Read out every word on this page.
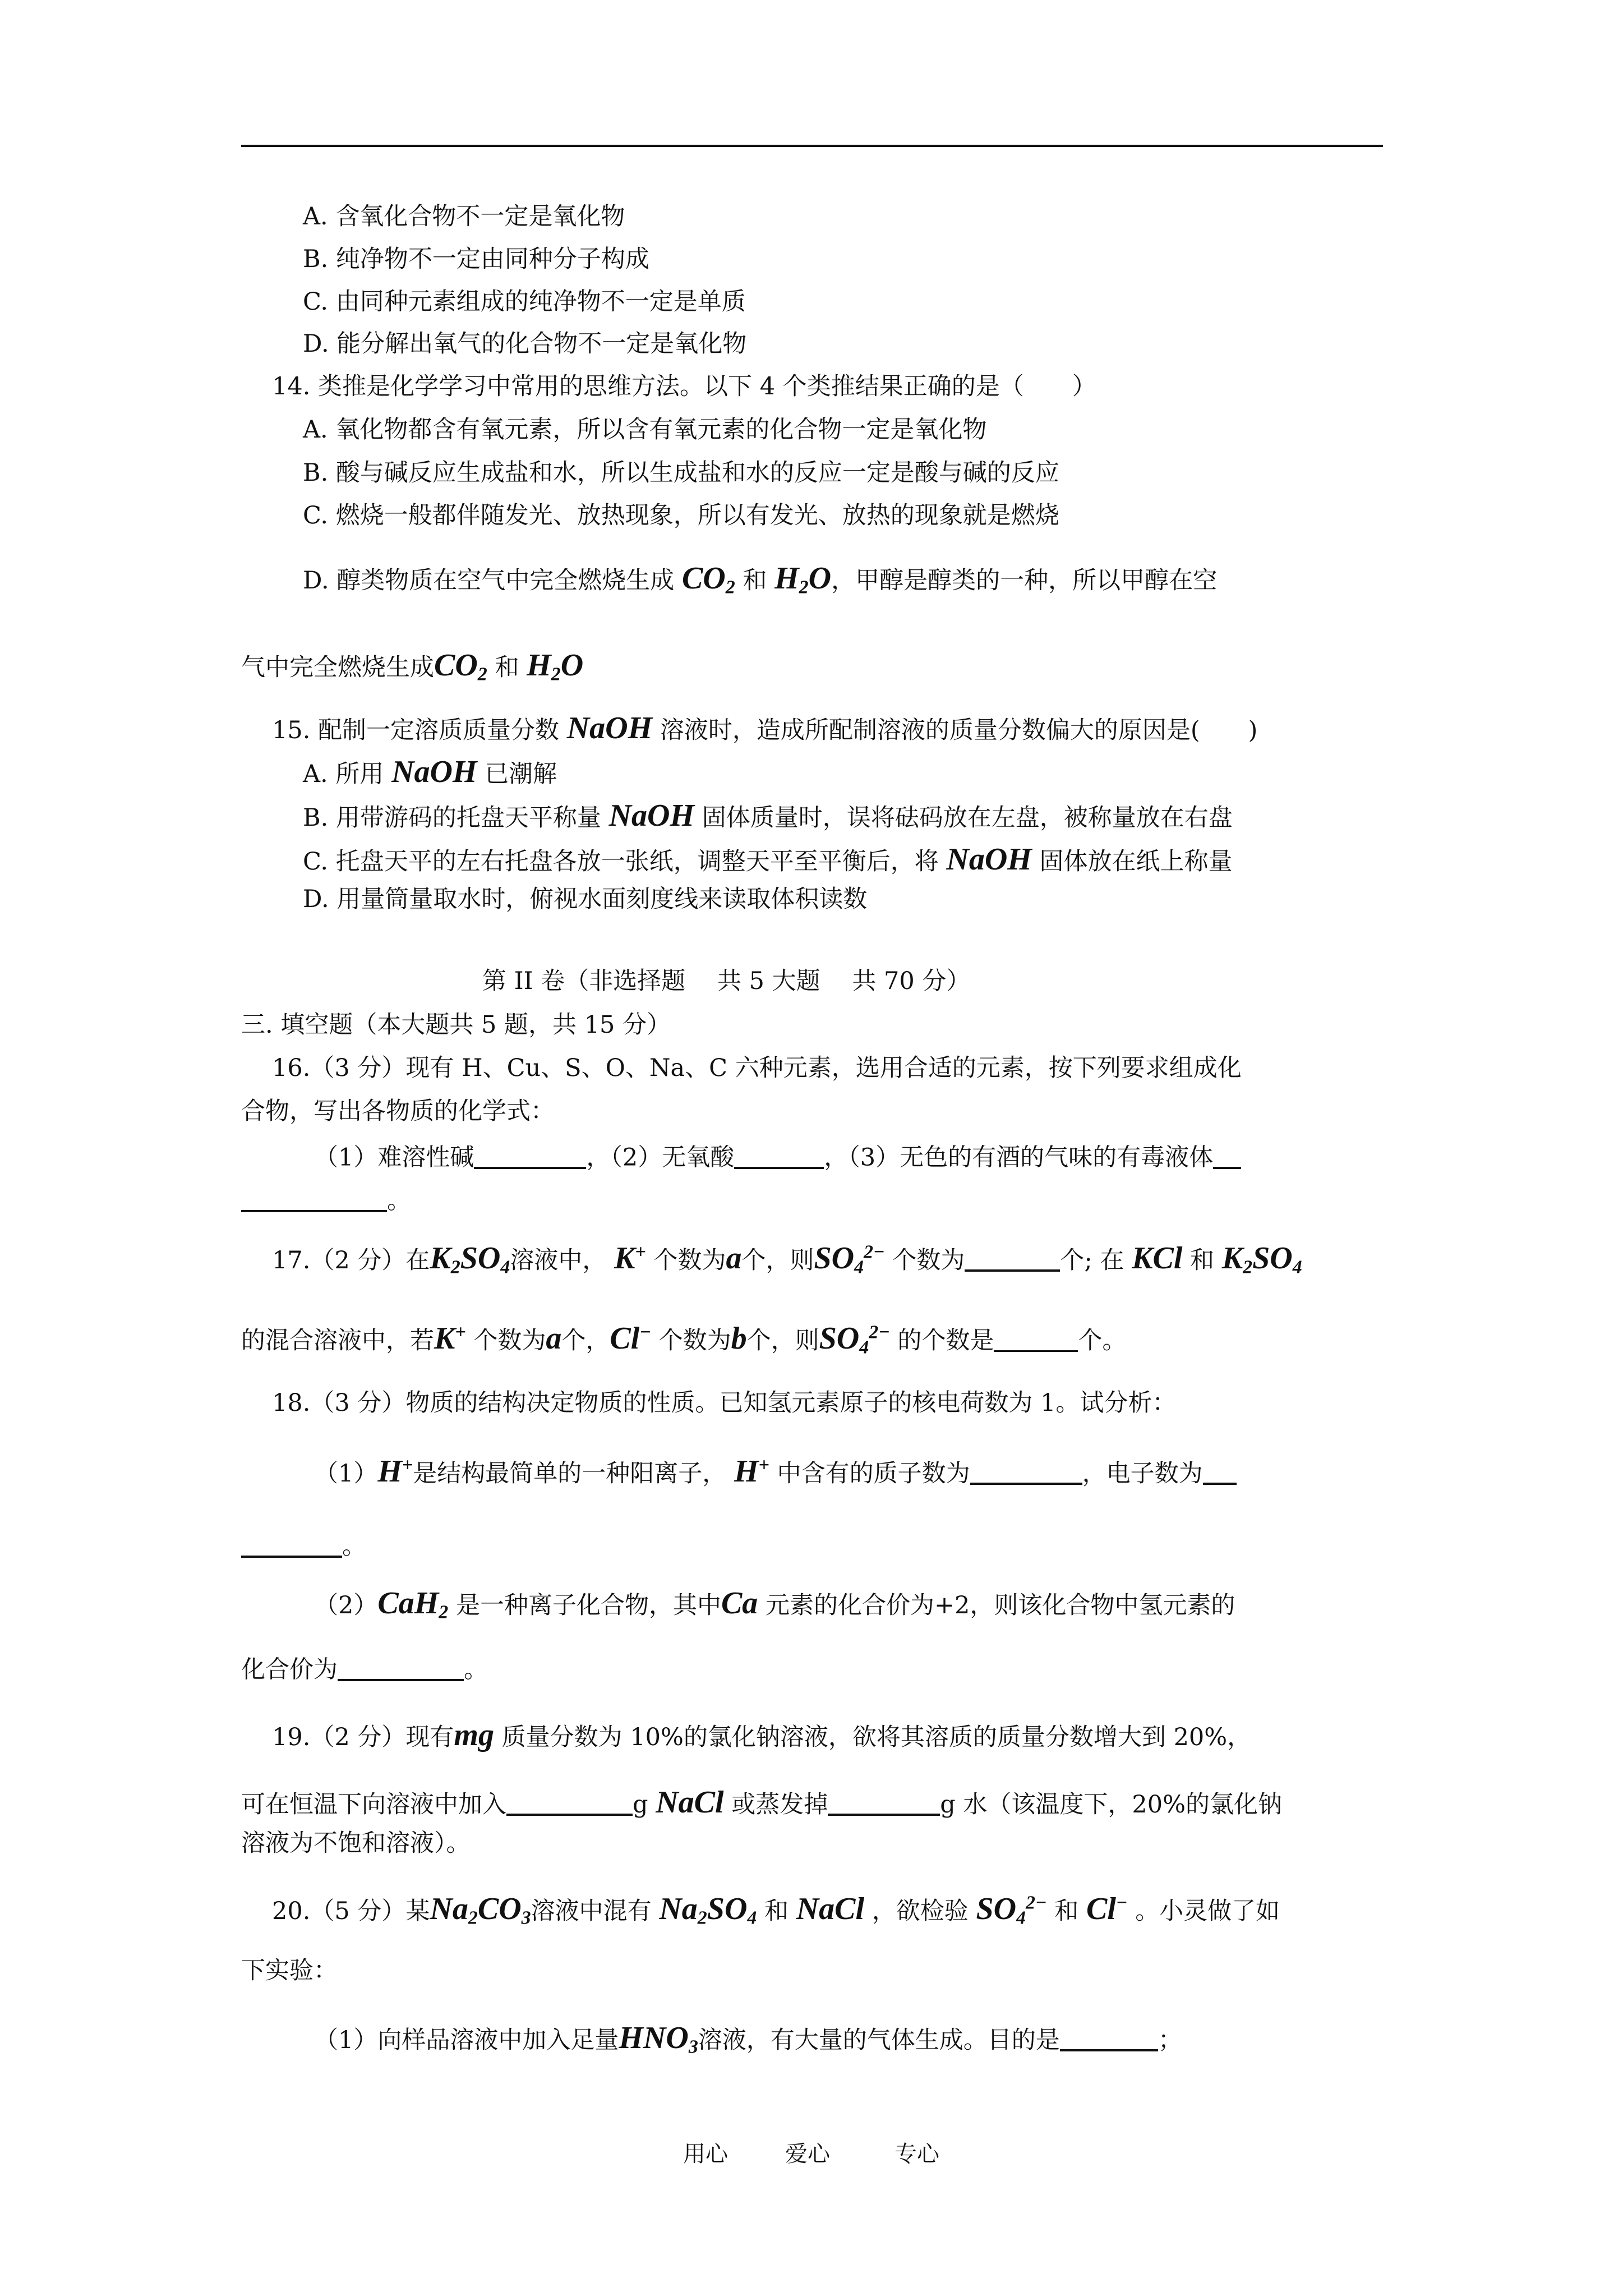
A. 含氧化合物不一定是氧化物
B. 纯净物不一定由同种分子构成
C. 由同种元素组成的纯净物不一定是单质
D. 能分解出氧气的化合物不一定是氧化物
14. 类推是化学学习中常用的思维方法。以下 4 个类推结果正确的是（　　）
A. 氧化物都含有氧元素，所以含有氧元素的化合物一定是氧化物
B. 酸与碱反应生成盐和水，所以生成盐和水的反应一定是酸与碱的反应
C. 燃烧一般都伴随发光、放热现象，所以有发光、放热的现象就是燃烧
D. 醇类物质在空气中完全燃烧生成 $CO_2$ 和 $H_2O$，甲醇是醇类的一种，所以甲醇在空
气中完全燃烧生成$CO_2$ 和 $H_2O$
15. 配制一定溶质质量分数 NaOH 溶液时，造成所配制溶液的质量分数偏大的原因是(　　)
A. 所用 NaOH 已潮解
B. 用带游码的托盘天平称量 NaOH 固体质量时，误将砝码放在左盘，被称量放在右盘
C. 托盘天平的左右托盘各放一张纸，调整天平至平衡后，将 NaOH 固体放在纸上称量
D. 用量筒量取水时，俯视水面刻度线来读取体积读数
第 II 卷（非选择题　 共 5 大题　 共 70 分）
三. 填空题（本大题共 5 题，共 15 分）
16.（3 分）现有 H、Cu、S、O、Na、C 六种元素，选用合适的元素，按下列要求组成化
合物，写出各物质的化学式：
（1）难溶性碱	，（2）无氧酸	，（3）无色的有酒的气味的有毒液体
。
17.（2 分）在$K_2SO_4$溶液中， K+ 个数为a个，则$SO_4^{2-}$ 个数为	个; 在 KCl 和 $K_2SO_4$
的混合溶液中，若K+ 个数为a个，Cl− 个数为b个，则$SO_4^{2-}$ 的个数是	个。
18.（3 分）物质的结构决定物质的性质。已知氢元素原子的核电荷数为 1。试分析：
（1）H+是结构最简单的一种阳离子， H+ 中含有的质子数为	，电子数为
。
（2）CaH$_2$ 是一种离子化合物，其中Ca 元素的化合价为+2，则该化合物中氢元素的
化合价为	。
19.（2 分）现有mg 质量分数为 10%的氯化钠溶液，欲将其溶质的质量分数增大到 20%，
可在恒温下向溶液中加入	g NaCl 或蒸发掉	g 水（该温度下，20%的氯化钠
溶液为不饱和溶液）。
20.（5 分）某$Na_2CO_3$溶液中混有 $Na_2SO_4$ 和 NaCl ，欲检验 $SO_4^{2-}$ 和 Cl− 。小灵做了如
下实验：
（1）向样品溶液中加入足量$HNO_3$溶液，有大量的气体生成。目的是	；
用心	爱心	专心
